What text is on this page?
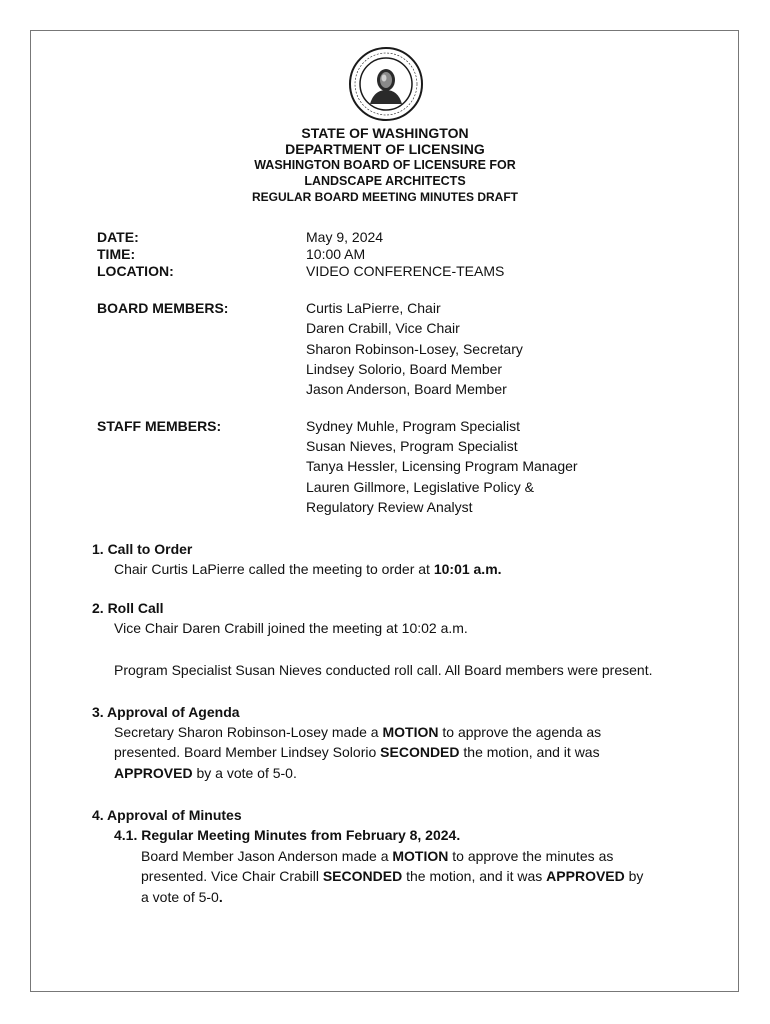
STATE OF WASHINGTON
DEPARTMENT OF LICENSING
WASHINGTON BOARD OF LICENSURE FOR
LANDSCAPE ARCHITECTS
REGULAR BOARD MEETING MINUTES DRAFT
DATE:	May 9, 2024
TIME:	10:00 AM
LOCATION:	VIDEO CONFERENCE-TEAMS
BOARD MEMBERS:	Curtis LaPierre, Chair
Daren Crabill, Vice Chair
Sharon Robinson-Losey, Secretary
Lindsey Solorio, Board Member
Jason Anderson, Board Member
STAFF MEMBERS:	Sydney Muhle, Program Specialist
Susan Nieves, Program Specialist
Tanya Hessler, Licensing Program Manager
Lauren Gillmore, Legislative Policy &
Regulatory Review Analyst
1. Call to Order
Chair Curtis LaPierre called the meeting to order at 10:01 a.m.
2. Roll Call
Vice Chair Daren Crabill joined the meeting at 10:02 a.m.
Program Specialist Susan Nieves conducted roll call. All Board members were present.
3. Approval of Agenda
Secretary Sharon Robinson-Losey made a MOTION to approve the agenda as
presented. Board Member Lindsey Solorio SECONDED the motion, and it was
APPROVED by a vote of 5-0.
4. Approval of Minutes
4.1. Regular Meeting Minutes from February 8, 2024.
Board Member Jason Anderson made a MOTION to approve the minutes as
presented. Vice Chair Crabill SECONDED the motion, and it was APPROVED by
a vote of 5-0.
